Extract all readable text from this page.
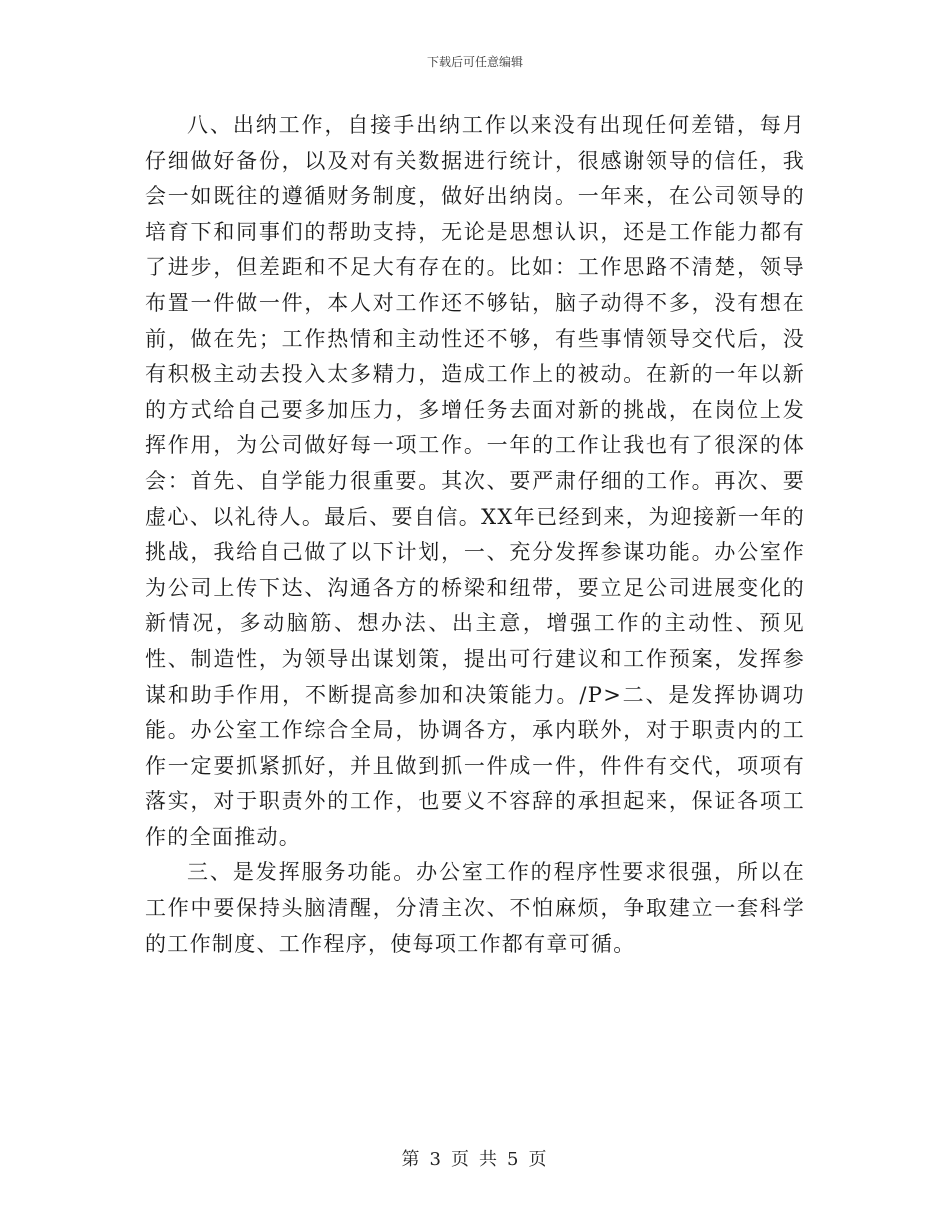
下载后可任意编辑

八、出纳工作，自接手出纳工作以来没有出现任何差错，每月仔细做好备份，以及对有关数据进行统计，很感谢领导的信任，我会一如既往的遵循财务制度，做好出纳岗。一年来，在公司领导的培育下和同事们的帮助支持，无论是思想认识，还是工作能力都有了进步，但差距和不足大有存在的。比如：工作思路不清楚，领导布置一件做一件，本人对工作还不够钻，脑子动得不多，没有想在前，做在先；工作热情和主动性还不够，有些事情领导交代后，没有积极主动去投入太多精力，造成工作上的被动。在新的一年以新的方式给自己要多加压力，多增任务去面对新的挑战，在岗位上发挥作用，为公司做好每一项工作。一年的工作让我也有了很深的体会：首先、自学能力很重要。其次、要严肃仔细的工作。再次、要虚心、以礼待人。最后、要自信。XX年已经到来，为迎接新一年的挑战，我给自己做了以下计划，一、充分发挥参谋功能。办公室作为公司上传下达、沟通各方的桥梁和纽带，要立足公司进展变化的新情况，多动脑筋、想办法、出主意，增强工作的主动性、预见性、制造性，为领导出谋划策，提出可行建议和工作预案，发挥参谋和助手作用，不断提高参加和决策能力。/P>二、是发挥协调功能。办公室工作综合全局，协调各方，承内联外，对于职责内的工作一定要抓紧抓好，并且做到抓一件成一件，件件有交代，项项有落实，对于职责外的工作，也要义不容辞的承担起来，保证各项工作的全面推动。

三、是发挥服务功能。办公室工作的程序性要求很强，所以在工作中要保持头脑清醒，分清主次、不怕麻烦，争取建立一套科学的工作制度、工作程序，使每项工作都有章可循。

第 3 页 共 5 页
